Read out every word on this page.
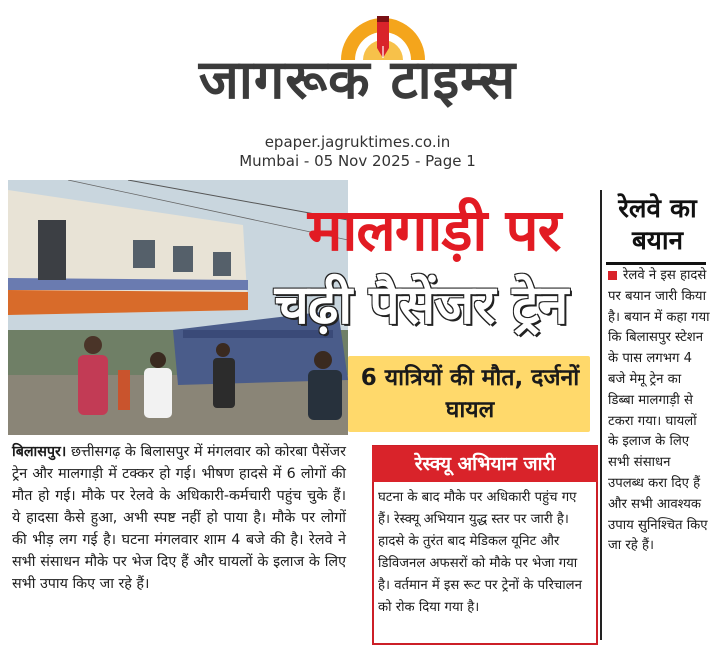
जागरूक टाइम्स
epaper.jagruktimes.co.in
Mumbai - 05 Nov 2025 - Page 1
मालगाड़ी पर
चढ़ी पैसेंजर ट्रेन
6 यात्रियों की मौत, दर्जनों घायल
बिलासपुर। छत्तीसगढ़ के बिलासपुर में मंगलवार को कोरबा पैसेंजर ट्रेन और मालगाड़ी में टक्कर हो गई। भीषण हादसे में 6 लोगों की मौत हो गई। मौके पर रेलवे के अधिकारी-कर्मचारी पहुंच चुके हैं। ये हादसा कैसे हुआ, अभी स्पष्ट नहीं हो पाया है। मौके पर लोगों की भीड़ लग गई है। घटना मंगलवार शाम 4 बजे की है। रेलवे ने सभी संसाधन मौके पर भेज दिए हैं और घायलों के इलाज के लिए सभी उपाय किए जा रहे हैं।
रेस्क्यू अभियान जारी
घटना के बाद मौके पर अधिकारी पहुंच गए हैं। रेस्क्यू अभियान युद्ध स्तर पर जारी है। हादसे के तुरंत बाद मेडिकल यूनिट और डिविजनल अफसरों को मौके पर भेजा गया है। वर्तमान में इस रूट पर ट्रेनों के परिचालन को रोक दिया गया है।
रेलवे का बयान
रेलवे ने इस हादसे पर बयान जारी किया है। बयान में कहा गया कि बिलासपुर स्टेशन के पास लगभग 4 बजे मेमू ट्रेन का डिब्बा मालगाड़ी से टकरा गया। घायलों के इलाज के लिए सभी संसाधन उपलब्ध करा दिए हैं और सभी आवश्यक उपाय सुनिश्चित किए जा रहे हैं।
